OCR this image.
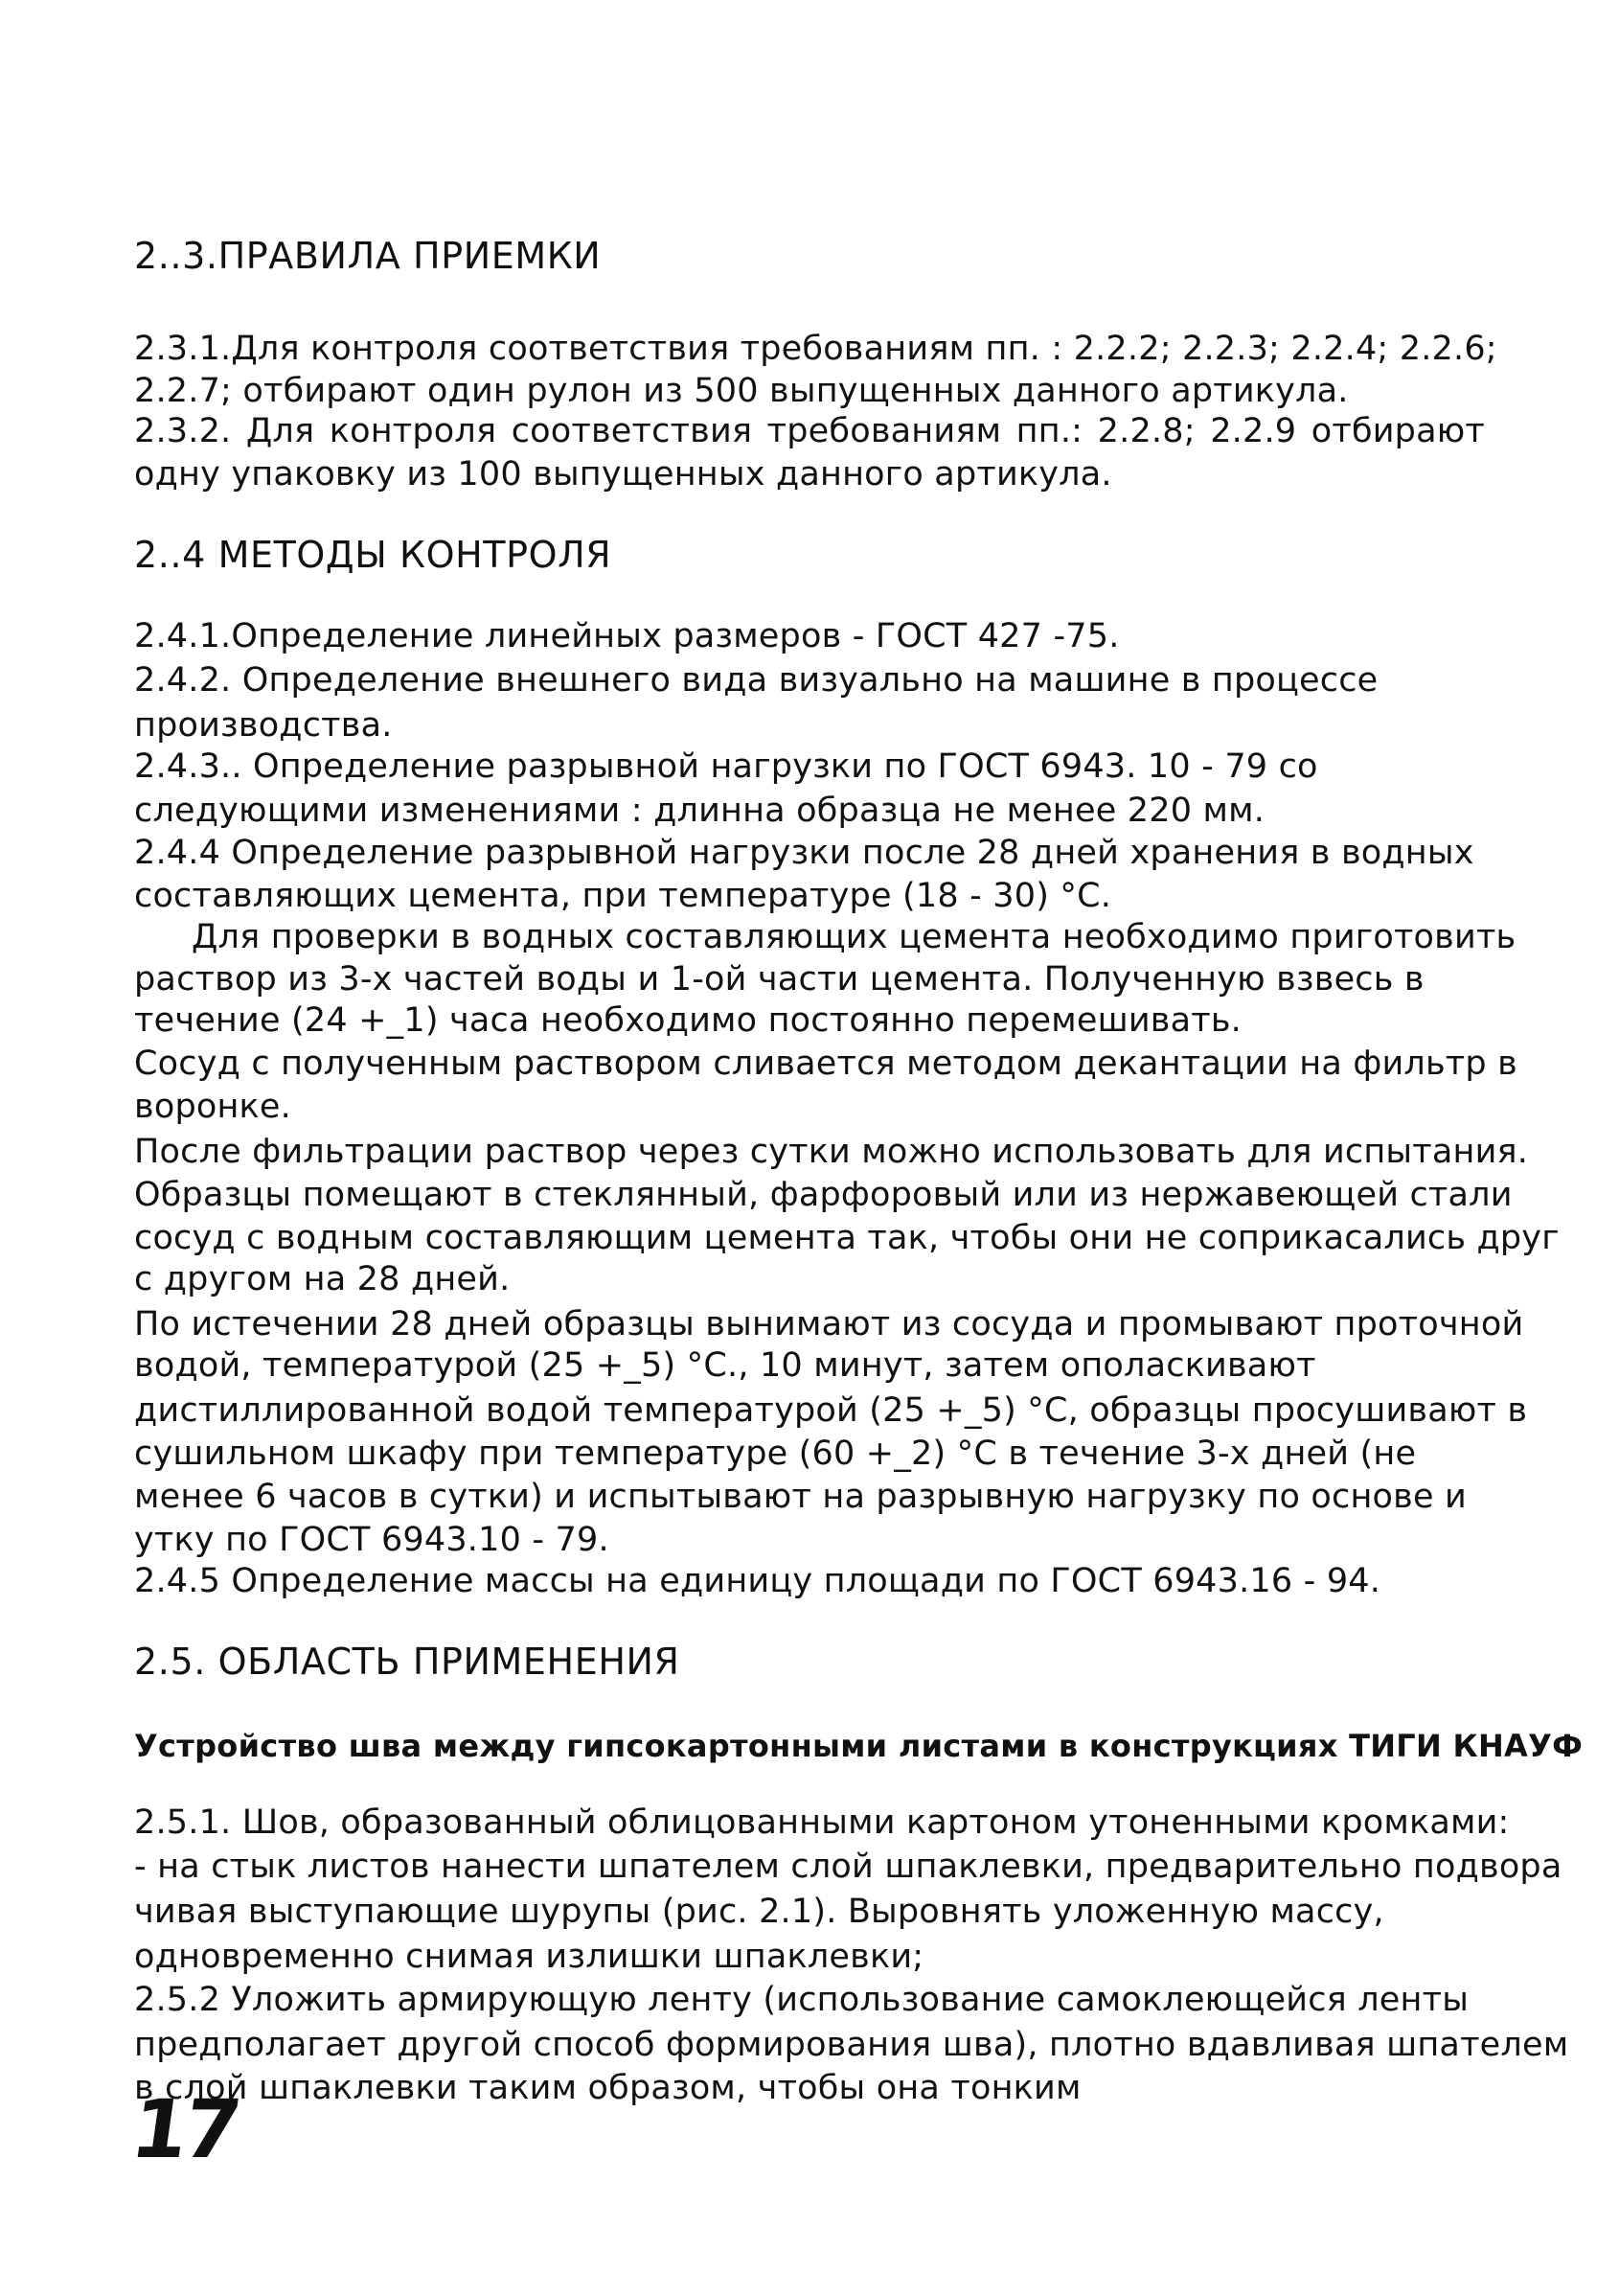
2..3.ПРАВИЛА ПРИЕМКИ
2.3.1.Для контроля соответствия требованиям пп. : 2.2.2; 2.2.3; 2.2.4; 2.2.6;
2.2.7; отбирают один рулон из 500 выпущенных данного артикула.
2.3.2. Для контроля соответствия требованиям пп.: 2.2.8; 2.2.9 отбирают
одну упаковку из 100 выпущенных данного артикула.
2..4 МЕТОДЫ КОНТРОЛЯ
2.4.1.Определение линейных размеров - ГОСТ 427 -75.
2.4.2. Определение внешнего вида визуально на машине в процессе
производства.
2.4.3.. Определение разрывной нагрузки по ГОСТ 6943. 10 - 79 со
следующими изменениями : длинна образца не менее 220 мм.
2.4.4 Определение разрывной нагрузки после 28 дней хранения в водных
составляющих цемента, при температуре (18 - 30) °С.
Для проверки в водных составляющих цемента необходимо приготовить
раствор из 3-х частей воды и 1-ой части цемента. Полученную взвесь в
течение (24 +_1) часа необходимо постоянно перемешивать.
Сосуд с полученным раствором сливается методом декантации на фильтр в
воронке.
После фильтрации раствор через сутки можно использовать для испытания.
Образцы помещают в стеклянный, фарфоровый или из нержавеющей стали
сосуд с водным составляющим цемента так, чтобы они не соприкасались друг
с другом на 28 дней.
По истечении 28 дней образцы вынимают из сосуда и промывают проточной
водой, температурой (25 +_5) °С., 10 минут, затем ополаскивают
дистиллированной водой температурой (25 +_5) °С, образцы просушивают в
сушильном шкафу при температуре (60 +_2) °С в течение 3-х дней (не
менее 6 часов в сутки) и испытывают на разрывную нагрузку по основе и
утку по ГОСТ 6943.10 - 79.
2.4.5 Определение массы на единицу площади по ГОСТ 6943.16 - 94.
2.5. ОБЛАСТЬ ПРИМЕНЕНИЯ
Устройство шва между гипсокартонными листами в конструкциях ТИГИ КНАУФ
2.5.1. Шов, образованный облицованными картоном утоненными кромками:
- на стык листов нанести шпателем слой шпаклевки, предварительно подвора
чивая выступающие шурупы (рис. 2.1). Выровнять уложенную массу,
одновременно снимая излишки шпаклевки;
2.5.2 Уложить армирующую ленту (использование самоклеющейся ленты
предполагает другой способ формирования шва), плотно вдавливая шпателем
в слой шпаклевки таким образом, чтобы она тонким
17
